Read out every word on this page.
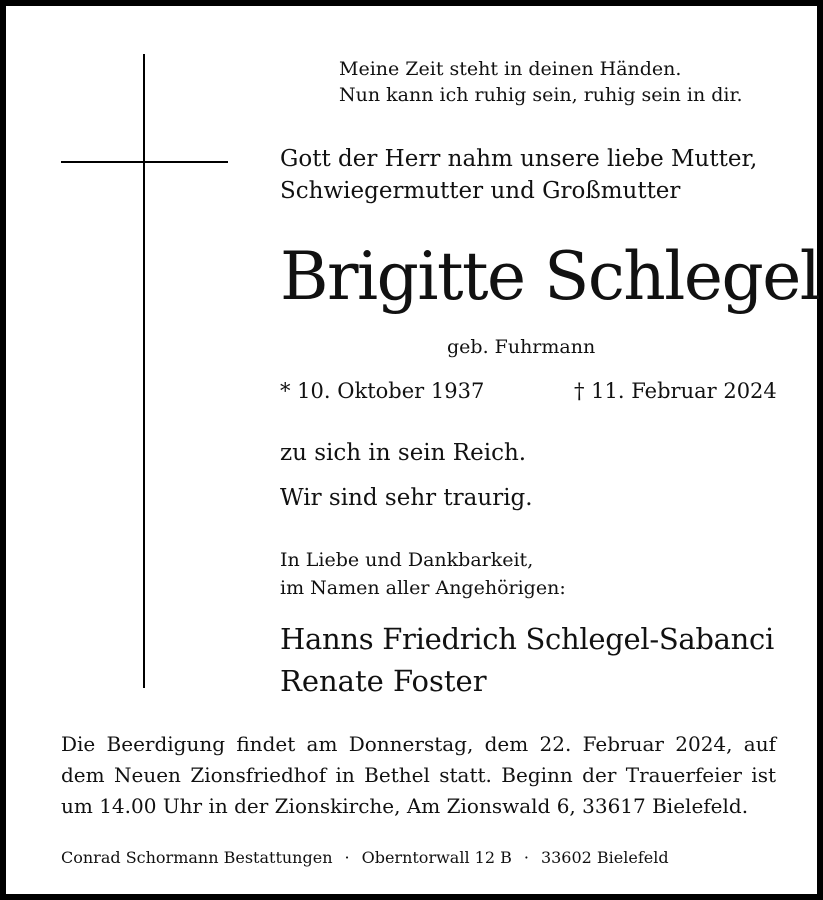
Meine Zeit steht in deinen Händen.
Nun kann ich ruhig sein, ruhig sein in dir.
Gott der Herr nahm unsere liebe Mutter,
Schwiegermutter und Großmutter
Brigitte Schlegel
geb. Fuhrmann
* 10. Oktober 1937	† 11. Februar 2024
zu sich in sein Reich.
Wir sind sehr traurig.
In Liebe und Dankbarkeit,
im Namen aller Angehörigen:
Hanns Friedrich Schlegel-Sabanci
Renate Foster
Die Beerdigung findet am Donnerstag, dem 22. Februar 2024, auf
dem Neuen Zionsfriedhof in Bethel statt. Beginn der Trauerfeier ist
um 14.00 Uhr in der Zionskirche, Am Zionswald 6, 33617 Bielefeld.
Conrad Schormann Bestattungen · Oberntorwall 12 B · 33602 Bielefeld
